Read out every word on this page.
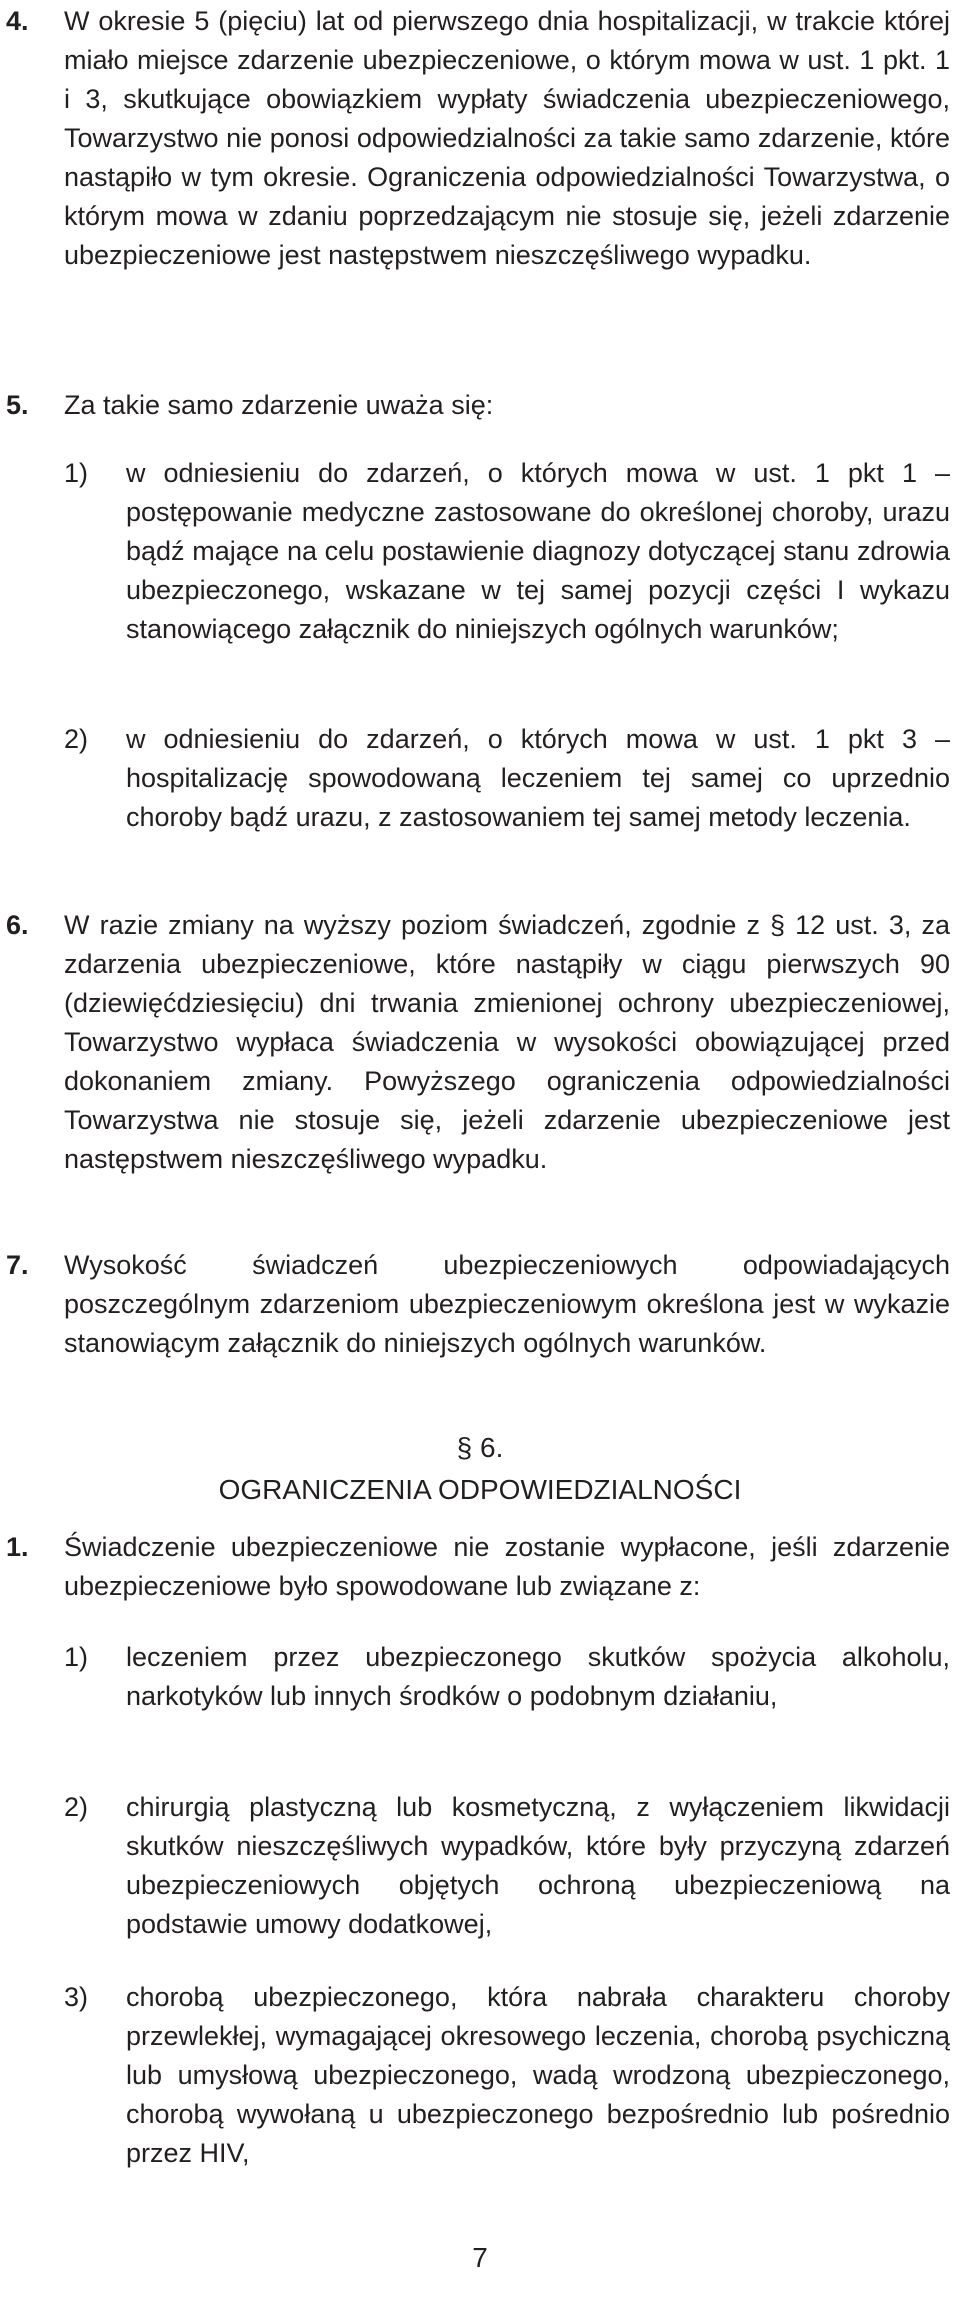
4. W okresie 5 (pięciu) lat od pierwszego dnia hospitalizacji, w trakcie której miało miejsce zdarzenie ubezpieczeniowe, o którym mowa w ust. 1 pkt. 1 i 3, skutkujące obowiązkiem wypłaty świadczenia ubezpieczeniowego, Towarzystwo nie ponosi odpowiedzialności za takie samo zdarzenie, które nastąpiło w tym okresie. Ograniczenia odpowiedzialności Towarzystwa, o którym mowa w zdaniu poprzedzającym nie stosuje się, jeżeli zdarzenie ubezpieczeniowe jest następstwem nieszczęśliwego wypadku.
5. Za takie samo zdarzenie uważa się:
1) w odniesieniu do zdarzeń, o których mowa w ust. 1 pkt 1 – postępowanie medyczne zastosowane do określonej choroby, urazu bądź mające na celu postawienie diagnozy dotyczącej stanu zdrowia ubezpieczonego, wskazane w tej samej pozycji części I wykazu stanowiącego załącznik do niniejszych ogólnych warunków;
2) w odniesieniu do zdarzeń, o których mowa w ust. 1 pkt 3 – hospitalizację spowodowaną leczeniem tej samej co uprzednio choroby bądź urazu, z zastosowaniem tej samej metody leczenia.
6. W razie zmiany na wyższy poziom świadczeń, zgodnie z § 12 ust. 3, za zdarzenia ubezpieczeniowe, które nastąpiły w ciągu pierwszych 90 (dziewięćdziesięciu) dni trwania zmienionej ochrony ubezpieczeniowej, Towarzystwo wypłaca świadczenia w wysokości obowiązującej przed dokonaniem zmiany. Powyższego ograniczenia odpowiedzialności Towarzystwa nie stosuje się, jeżeli zdarzenie ubezpieczeniowe jest następstwem nieszczęśliwego wypadku.
7. Wysokość świadczeń ubezpieczeniowych odpowiadających poszczególnym zdarzeniom ubezpieczeniowym określona jest w wykazie stanowiącym załącznik do niniejszych ogólnych warunków.
§ 6.
OGRANICZENIA ODPOWIEDZIALNOŚCI
1. Świadczenie ubezpieczeniowe nie zostanie wypłacone, jeśli zdarzenie ubezpieczeniowe było spowodowane lub związane z:
1) leczeniem przez ubezpieczonego skutków spożycia alkoholu, narkotyków lub innych środków o podobnym działaniu,
2) chirurgią plastyczną lub kosmetyczną, z wyłączeniem likwidacji skutków nieszczęśliwych wypadków, które były przyczyną zdarzeń ubezpieczeniowych objętych ochroną ubezpieczeniową na podstawie umowy dodatkowej,
3) chorobą ubezpieczonego, która nabrała charakteru choroby przewlekłej, wymagającej okresowego leczenia, chorobą psychiczną lub umysłową ubezpieczonego, wadą wrodzoną ubezpieczonego, chorobą wywołaną u ubezpieczonego bezpośrednio lub pośrednio przez HIV,
7
